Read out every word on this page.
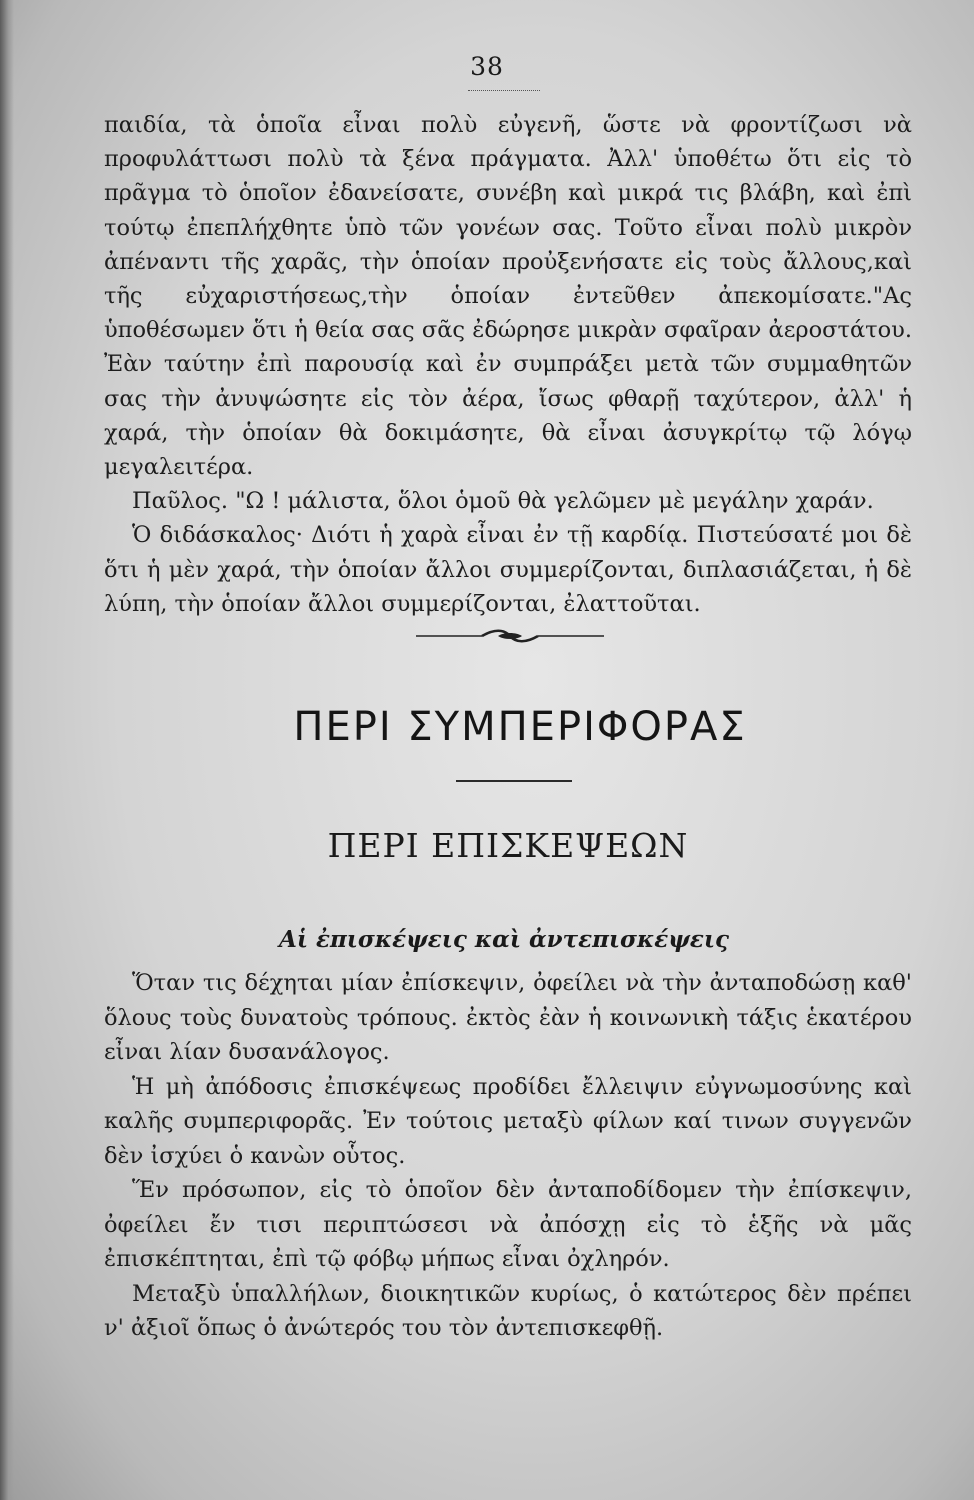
38

παιδία, τὰ ὁποῖα εἶναι πολὺ εὐγενῆ, ὥστε νὰ φροντίζωσι νὰ προφυλάττωσι πολὺ τὰ ξένα πράγματα. Ἀλλ' ὑποθέτω ὅτι εἰς τὸ πρᾶγμα τὸ ὁποῖον ἐδανείσατε, συνέβη καὶ μικρά τις βλάβη, καὶ ἐπὶ τούτῳ ἐπεπλήχθητε ὑπὸ τῶν γονέων σας. Τοῦτο εἶναι πολὺ μικρὸν ἀπέναντι τῆς χαρᾶς, τὴν ὁποίαν προὐξενήσατε εἰς τοὺς ἄλλους,καὶ τῆς εὐχαριστήσεως,τὴν ὁποίαν ἐντεῦθεν ἀπεκομίσατε."Ας ὑποθέσωμεν ὅτι ἡ θεία σας σᾶς ἐδώρησε μικρὰν σφαῖραν ἀεροστάτου. Ἐὰν ταύτην ἐπὶ παρουσίᾳ καὶ ἐν συμπράξει μετὰ τῶν συμμαθητῶν σας τὴν ἀνυψώσητε εἰς τὸν ἀέρα, ἴσως φθαρῇ ταχύτερον, ἀλλ' ἡ χαρά, τὴν ὁποίαν θὰ δοκιμάσητε, θὰ εἶναι ἀσυγκρίτῳ τῷ λόγῳ μεγαλειτέρα.

Παῦλος. "Ω ! μάλιστα, ὅλοι ὁμοῦ θὰ γελῶμεν μὲ μεγάλην χαράν.

Ὁ διδάσκαλος· Διότι ἡ χαρὰ εἶναι ἐν τῇ καρδίᾳ. Πιστεύσατέ μοι δὲ ὅτι ἡ μὲν χαρά, τὴν ὁποίαν ἄλλοι συμμερίζονται, διπλασιάζεται, ἡ δὲ λύπη, τὴν ὁποίαν ἄλλοι συμμερίζονται, ἐλαττοῦται.

ΠΕΡΙ ΣΥΜΠΕΡΙΦΟΡΑΣ
ΠΕΡΙ ΕΠΙΣΚΕΨΕΩΝ
Αἱ ἐπισκέψεις καὶ ἀντεπισκέψεις

Ὅταν τις δέχηται μίαν ἐπίσκεψιν, ὀφείλει νὰ τὴν ἀνταποδώσῃ καθ' ὅλους τοὺς δυνατοὺς τρόπους. ἐκτὸς ἐὰν ἡ κοινωνικὴ τάξις ἑκατέρου εἶναι λίαν δυσανάλογος.

Ἡ μὴ ἀπόδοσις ἐπισκέψεως προδίδει ἔλλειψιν εὐγνωμοσύνης καὶ καλῆς συμπεριφορᾶς. Ἐν τούτοις μεταξὺ φίλων καί τινων συγγενῶν δὲν ἰσχύει ὁ κανὼν οὗτος.

Ἕν πρόσωπον, εἰς τὸ ὁποῖον δὲν ἀνταποδίδομεν τὴν ἐπίσκεψιν, ὀφείλει ἔν τισι περιπτώσεσι νὰ ἀπόσχῃ εἰς τὸ ἑξῆς νὰ μᾶς ἐπισκέπτηται, ἐπὶ τῷ φόβῳ μήπως εἶναι ὀχληρόν.

Μεταξὺ ὑπαλλήλων, διοικητικῶν κυρίως, ὁ κατώτερος δὲν πρέπει ν' ἀξιοῖ ὅπως ὁ ἀνώτερός του τὸν ἀντεπισκεφθῇ.
